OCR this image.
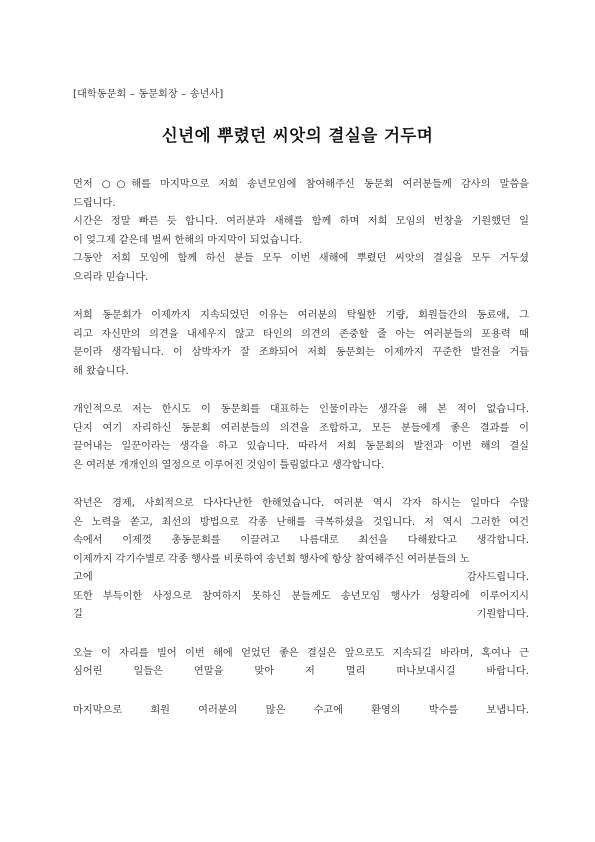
[대학동문회 – 동문회장 – 송년사]
신년에 뿌렸던 씨앗의 결실을 거두며
먼저 ○○해를 마지막으로 저희 송년모임에 참여해주신 동문회 여러분들께 감사의 말씀을
드립니다.
시간은 정말 빠른 듯 합니다. 여러분과 새해를 함께 하며 저희 모임의 번창을 기원했던 일
이 엊그제 같은데 벌써 한해의 마지막이 되었습니다.
그동안 저희 모임에 함께 하신 분들 모두 이번 새해에 뿌렸던 씨앗의 결실을 모두 거두셨
으리라 믿습니다.
저희 동문회가 이제까지 지속되었던 이유는 여러분의 탁월한 기량, 회원들간의 동료애, 그
리고 자신만의 의견을 내세우지 않고 타인의 의견의 존중할 줄 아는 여러분들의 포용력 때
문이라 생각됩니다. 이 삼박자가 잘 조화되어 저희 동문회는 이제까지 꾸준한 발전을 거듭
해 왔습니다.
개인적으로 저는 한시도 이 동문회를 대표하는 인물이라는 생각을 해 본 적이 없습니다.
단지 여기 자리하신 동문회 여러분들의 의견을 조합하고, 모든 분들에게 좋은 결과를 이
끌어내는 일꾼이라는 생각을 하고 있습니다. 따라서 저희 동문회의 발전과 이번 해의 결실
은 여러분 개개인의 열정으로 이루어진 것임이 틀림없다고 생각합니다.
작년은 경제, 사회적으로 다사다난한 한해였습니다. 여러분 역시 각자 하시는 일마다 수많
은 노력을 쏟고, 최선의 방법으로 각종 난해를 극복하셨을 것입니다. 저 역시 그러한 여건
속에서 이제껏 총동문회를 이끌려고 나름대로 최선을 다해왔다고 생각합니다.
이제까지 각기수별로 각종 행사를 비롯하여 송년회 행사에 항상 참여해주신 여러분들의 노
고에 감사드립니다.
또한 부득이한 사정으로 참여하지 못하신 분들께도 송년모임 행사가 성황리에 이루어지시
길 기원합니다.
오늘 이 자리를 빌어 이번 해에 얻었던 좋은 결실은 앞으로도 지속되길 바라며, 혹여나 근
심어린 일들은 연말을 맞아 저 멀리 떠나보내시길 바랍니다.
마지막으로 회원 여러분의 많은 수고에 환영의 박수를 보냅니다.
